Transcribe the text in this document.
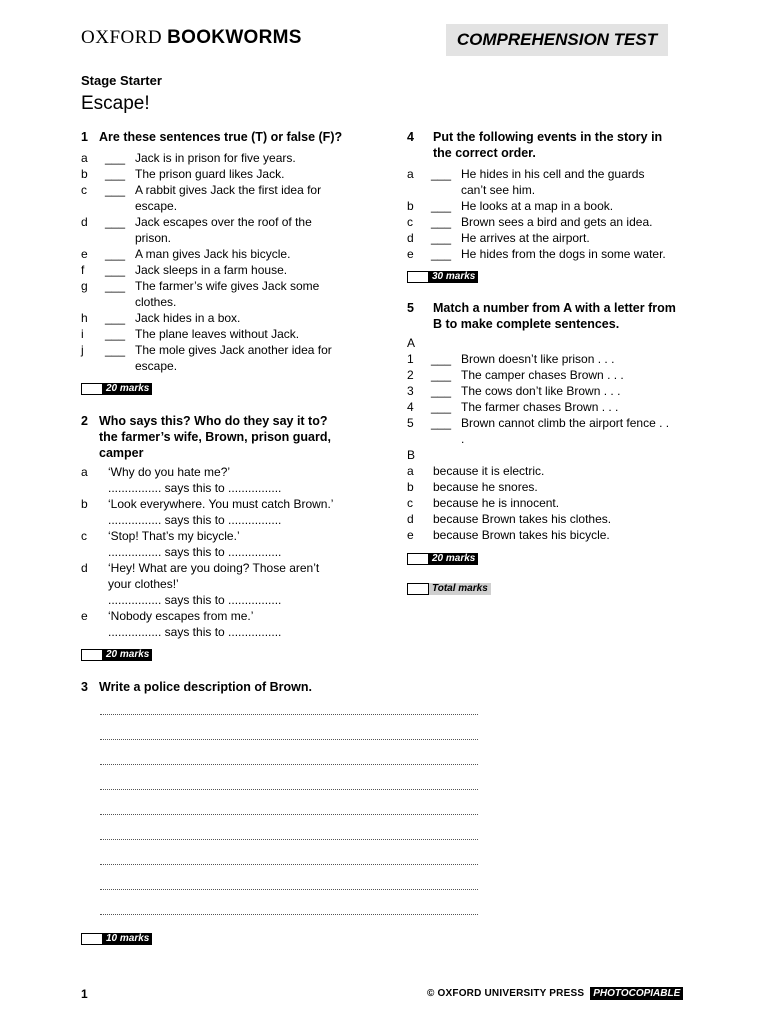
OXFORD BOOKWORMS	COMPREHENSION TEST
Stage Starter
Escape!
1 Are these sentences true (T) or false (F)?
a ___ Jack is in prison for five years.
b ___ The prison guard likes Jack.
c ___ A rabbit gives Jack the first idea for
escape.
d ___ Jack escapes over the roof of the
prison.
e ___ A man gives Jack his bicycle.
f ___ Jack sleeps in a farm house.
g ___ The farmer’s wife gives Jack some
clothes.
h ___ Jack hides in a box.
i ___ The plane leaves without Jack.
j ___ The mole gives Jack another idea for
escape.
20 marks
2 Who says this? Who do they say it to?
the farmer’s wife, Brown, prison guard,
camper
a ‘Why do you hate me?’
................ says this to ................
b ‘Look everywhere. You must catch Brown.’
................ says this to ................
c ‘Stop! That’s my bicycle.’
................ says this to ................
d ‘Hey! What are you doing? Those aren’t
your clothes!’
................ says this to ................
e ‘Nobody escapes from me.’
................ says this to ................
20 marks
3 Write a police description of Brown.
10 marks
4 Put the following events in the story in
the correct order.
a ___ He hides in his cell and the guards
can’t see him.
b ___ He looks at a map in a book.
c ___ Brown sees a bird and gets an idea.
d ___ He arrives at the airport.
e ___ He hides from the dogs in some water.
30 marks
5 Match a number from A with a letter from
B to make complete sentences.
A
1 ___ Brown doesn’t like prison . . .
2 ___ The camper chases Brown . . .
3 ___ The cows don’t like Brown . . .
4 ___ The farmer chases Brown . . .
5 ___ Brown cannot climb the airport fence . .
.
B
a because it is electric.
b because he snores.
c because he is innocent.
d because Brown takes his clothes.
e because Brown takes his bicycle.
20 marks
Total marks
1	© OXFORD UNIVERSITY PRESS PHOTOCOPIABLE
